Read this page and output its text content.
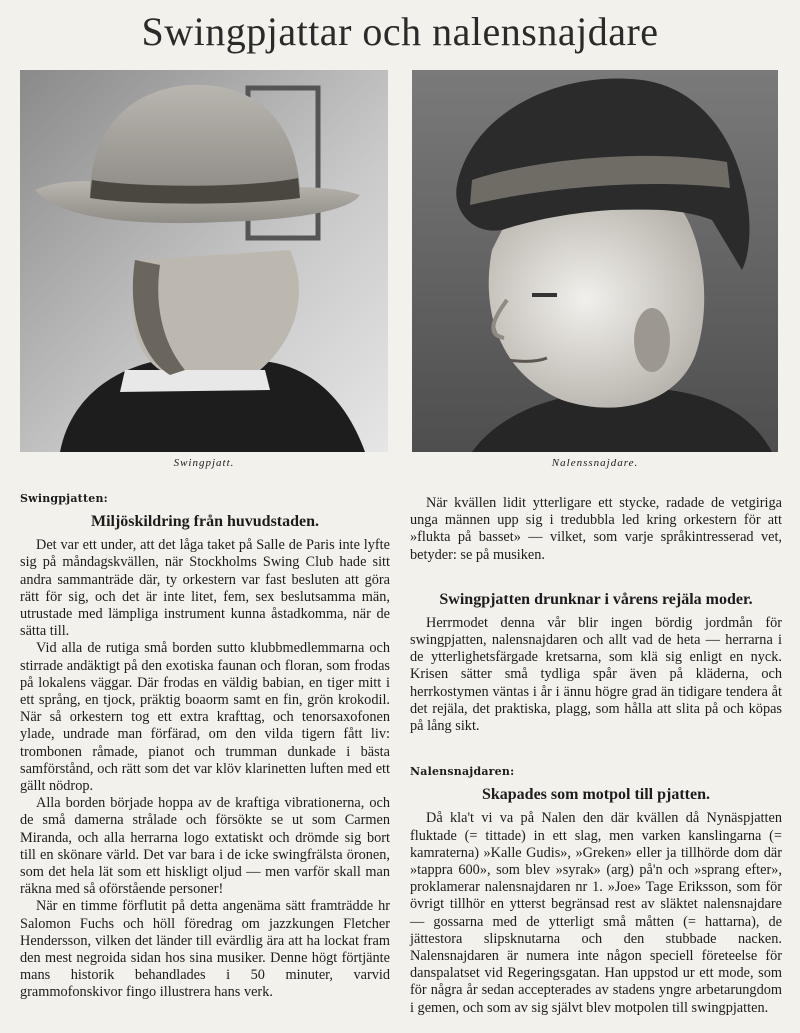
Swingpjattar och nalensnajdare
Swingpjatt.	Nalenssnajdare.
Swingpjatten:
Miljöskildring från huvudstaden.

Det var ett under, att det låga taket på Salle de Paris inte lyfte sig på måndagskvällen, när Stockholms Swing Club hade sitt andra sammanträde där, ty orkestern var fast besluten att göra rätt för sig, och det är inte litet, fem, sex beslutsamma män, utrustade med lämpliga instrument kunna åstadkomma, när de sätta till.

Vid alla de rutiga små borden sutto klubbmedlemmarna och stirrade andäktigt på den exotiska faunan och floran, som frodas på lokalens väggar. Där frodas en väldig babian, en tiger mitt i ett språng, en tjock, präktig boaorm samt en fin, grön krokodil. När så orkestern tog ett extra krafttag, och tenorsaxofonen ylade, undrade man förfärad, om den vilda tigern fått liv: trombonen råmade, pianot och trumman dunkade i bästa samförstånd, och rätt som det var klöv klarinetten luften med ett gällt nödrop.

Alla borden började hoppa av de kraftiga vibrationerna, och de små damerna strålade och försökte se ut som Carmen Miranda, och alla herrarna logo extatiskt och drömde sig bort till en skönare värld. Det var bara i de icke swingfrälsta öronen, som det hela lät som ett hiskligt oljud — men varför skall man räkna med så oförstående personer!

När en timme förflutit på detta angenäma sätt framträdde hr Salomon Fuchs och höll föredrag om jazzkungen Fletcher Hendersson, vilken det länder till evärdlig ära att ha lockat fram den mest negroida sidan hos sina musiker. Denne högt förtjänte mans historik behandlades i 50 minuter, varvid grammofonskivor fingo illustrera hans verk.

När kvällen lidit ytterligare ett stycke, radade de vetgiriga unga männen upp sig i tredubbla led kring orkestern för att »flukta på basset» — vilket, som varje språkintresserad vet, betyder: se på musiken.

Swingpjatten drunknar i vårens rejäla moder.

Herrmodet denna vår blir ingen bördig jordmån för swingpjatten, nalensnajdaren och allt vad de heta — herrarna i de ytterlighetsfärgade kretsarna, som klä sig enligt en nyck. Krisen sätter små tydliga spår även på kläderna, och herrkostymen väntas i år i ännu högre grad än tidigare tendera åt det rejäla, det praktiska, plagg, som hålla att slita på och köpas på lång sikt.

Nalensnajdaren:
Skapades som motpol till pjatten.

Då kla't vi va på Nalen den där kvällen då Nynäspjatten fluktade (= tittade) in ett slag, men varken kanslingarna (= kamraterna) »Kalle Gudis», »Greken» eller ja tillhörde dom där »tappra 600», som blev »syrak» (arg) på'n och »sprang efter», proklamerar nalensnajdaren nr 1. »Joe» Tage Eriksson, som för övrigt tillhör en ytterst begränsad rest av släktet nalensnajdare — gossarna med de ytterligt små måtten (= hattarna), de jättestora slipsknutarna och den stubbade nacken. Nalensnajdaren är numera inte någon speciell företeelse för danspalatset vid Regeringsgatan. Han uppstod ur ett mode, som för några år sedan accepterades av stadens yngre arbetarungdom i gemen, och som av sig självt blev motpolen till swingpjatten.
